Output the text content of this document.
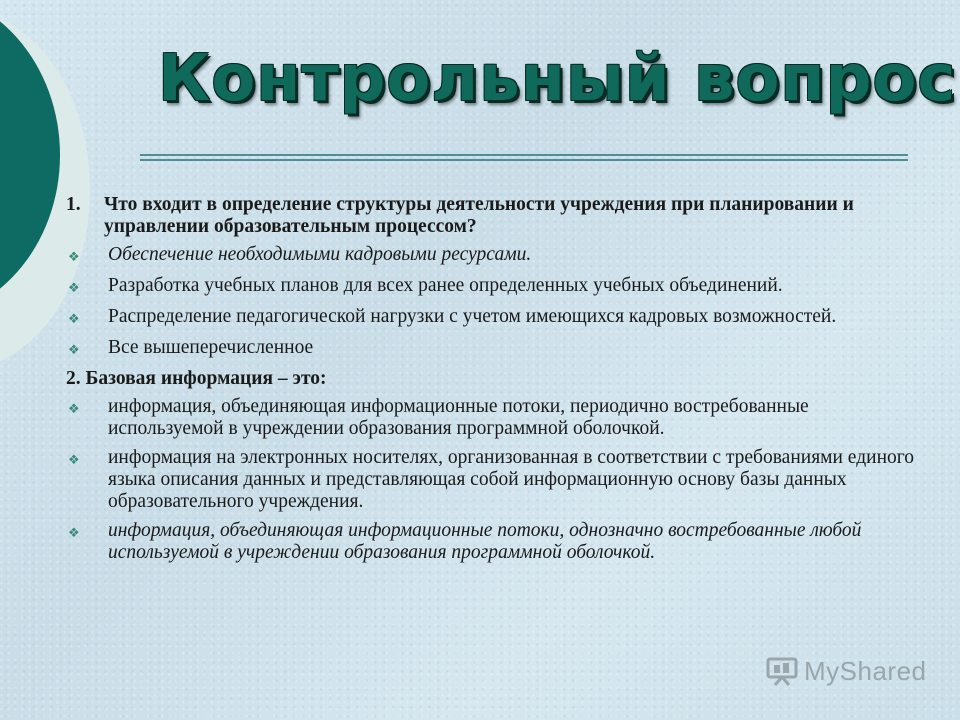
Контрольный вопрос
1.	Что входит в определение структуры деятельности учреждения при планировании и управлении образовательным процессом?
❖	Обеспечение необходимыми кадровыми ресурсами.
❖	Разработка учебных планов для всех ранее определенных учебных объединений.
❖	Распределение педагогической нагрузки с учетом имеющихся кадровых возможностей.
❖	Все вышеперечисленное
2. Базовая информация – это:
❖	информация, объединяющая информационные потоки, периодично востребованные используемой в учреждении образования программной оболочкой.
❖	информация на электронных носителях, организованная в соответствии с требованиями единого языка описания данных и представляющая собой информационную основу базы данных образовательного учреждения.
❖	информация, объединяющая информационные потоки, однозначно востребованные любой используемой в учреждении образования программной оболочкой.
MyShared
